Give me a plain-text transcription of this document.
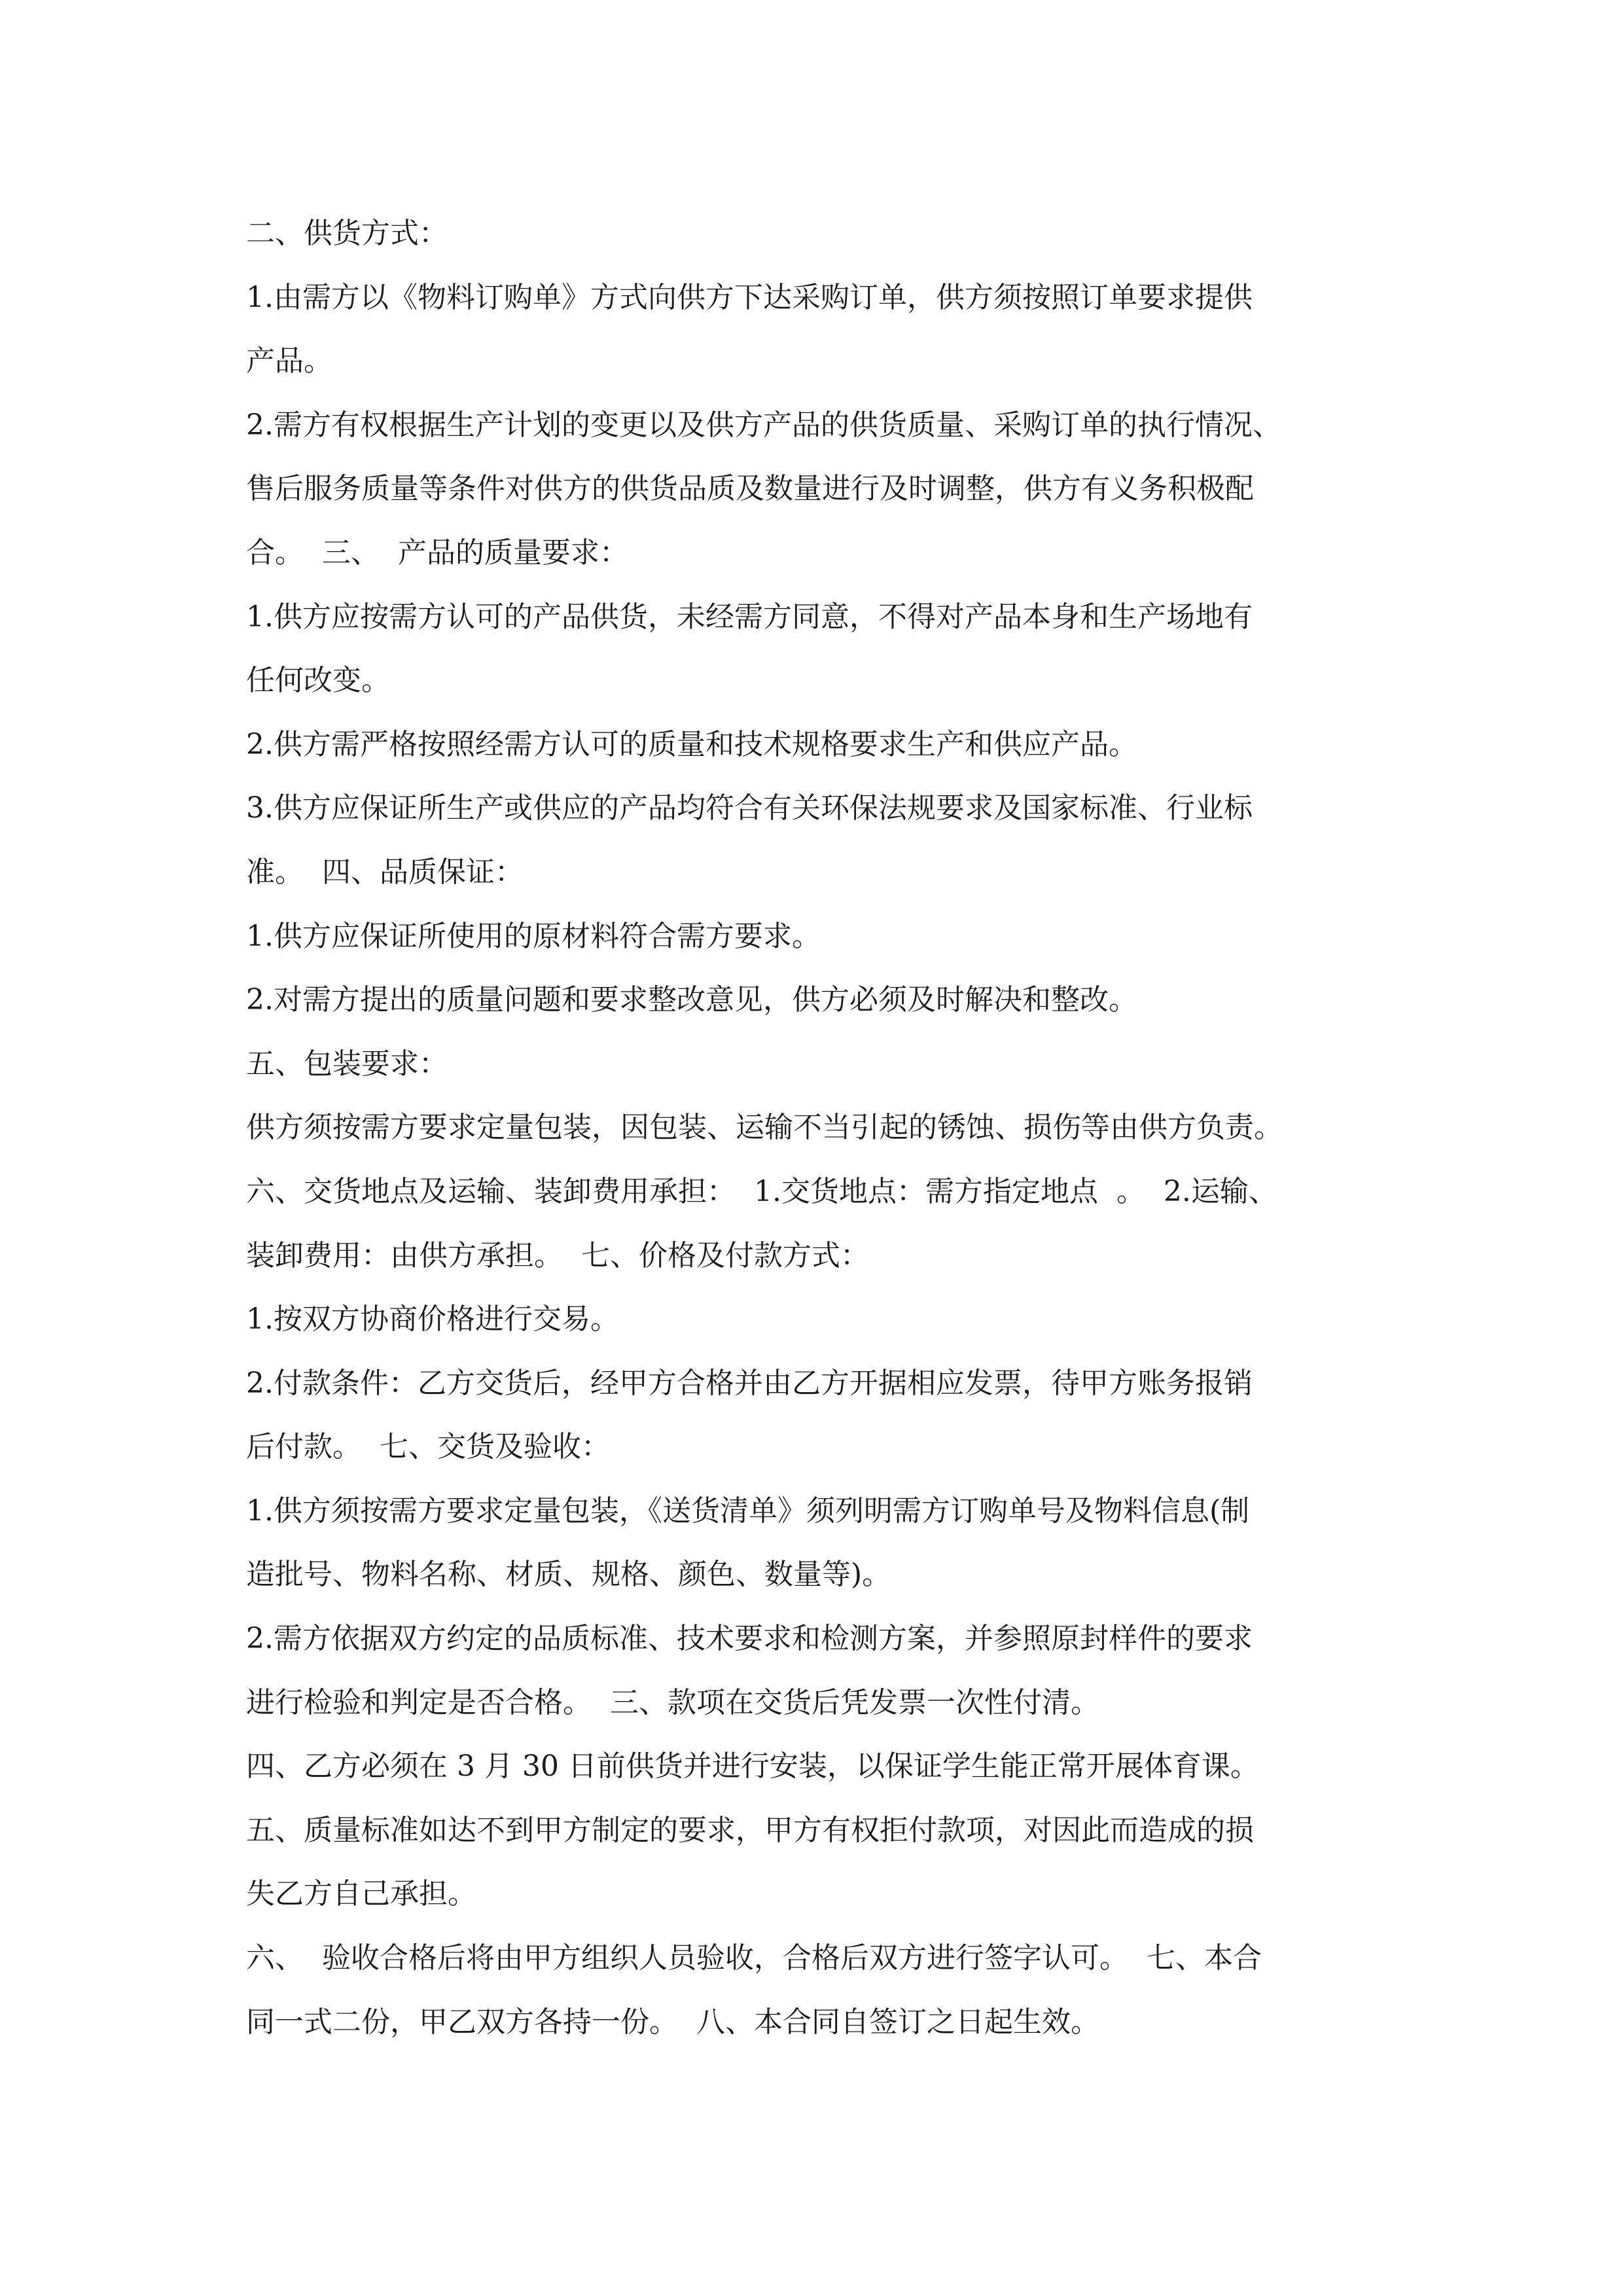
二、供货方式：
1.由需方以《物料订购单》方式向供方下达采购订单，供方须按照订单要求提供
产品。
2.需方有权根据生产计划的变更以及供方产品的供货质量、采购订单的执行情况、
售后服务质量等条件对供方的供货品质及数量进行及时调整，供方有义务积极配
合。  三、  产品的质量要求：
1.供方应按需方认可的产品供货，未经需方同意，不得对产品本身和生产场地有
任何改变。
2.供方需严格按照经需方认可的质量和技术规格要求生产和供应产品。
3.供方应保证所生产或供应的产品均符合有关环保法规要求及国家标准、行业标
准。  四、品质保证：
1.供方应保证所使用的原材料符合需方要求。
2.对需方提出的质量问题和要求整改意见，供方必须及时解决和整改。
五、包装要求：
供方须按需方要求定量包装，因包装、运输不当引起的锈蚀、损伤等由供方负责。
六、交货地点及运输、装卸费用承担：  1.交货地点：需方指定地点  。  2.运输、
装卸费用：由供方承担。  七、价格及付款方式：
1.按双方协商价格进行交易。
2.付款条件：乙方交货后，经甲方合格并由乙方开据相应发票，待甲方账务报销
后付款。  七、交货及验收：
1.供方须按需方要求定量包装，《送货清单》须列明需方订购单号及物料信息(制
造批号、物料名称、材质、规格、颜色、数量等)。
2.需方依据双方约定的品质标准、技术要求和检测方案，并参照原封样件的要求
进行检验和判定是否合格。  三、款项在交货后凭发票一次性付清。
四、乙方必须在 3 月 30 日前供货并进行安装，以保证学生能正常开展体育课。
五、质量标准如达不到甲方制定的要求，甲方有权拒付款项，对因此而造成的损
失乙方自己承担。
六、  验收合格后将由甲方组织人员验收，合格后双方进行签字认可。  七、本合
同一式二份，甲乙双方各持一份。  八、本合同自签订之日起生效。
